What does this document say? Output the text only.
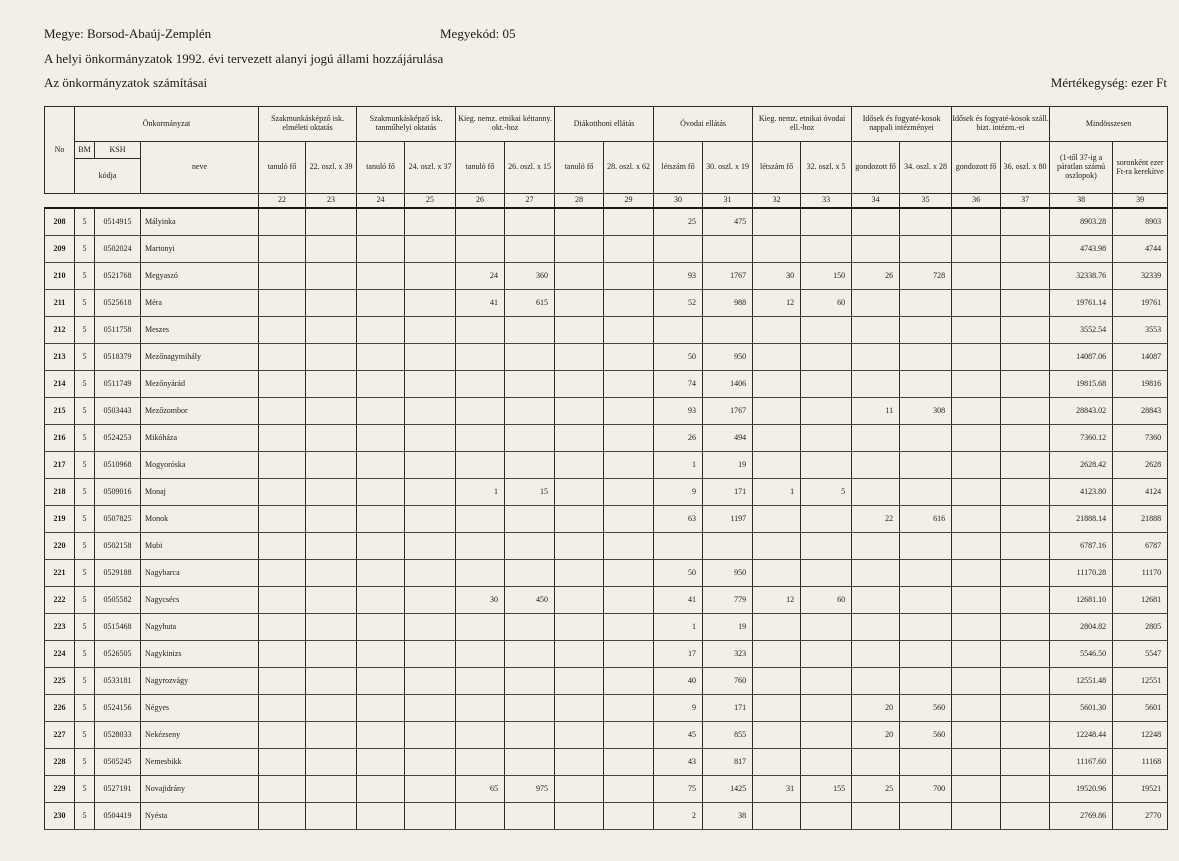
Megye: Borsod-Abaúj-Zemplén	Megyekód: 05
A helyi önkormányzatok 1992. évi tervezett alanyi jogú állami hozzájárulása
Az önkormányzatok számításai	Mértékegység: ezer Ft
No	Önkormányzat			Szakmunkásképző isk. elméleti oktatás		Szakmunkásképző isk. tanműhelyi oktatás		Kieg. nemz. etnikai kéttanny. okt.-hoz		Diákotthoni ellátás		Óvodai ellátás		Kieg. nemz. etnikai óvodai ell.-hoz		Idősek és fogyaté-kosok nappali intézményei		Idősek és fogyaté-kosok száll. bizt. intézm.-ei		Mindösszesen	
	BM	KSH	neve	tanuló fő	22. oszl. x 39	tanuló fő	24. oszl. x 37	tanuló fő	26. oszl. x 15	tanuló fő	28. oszl. x 62	létszám fő	30. oszl. x 19	létszám fő	32. oszl. x 5	gondozott fő	34. oszl. x 28	gondozott fő	36. oszl. x 80	(1-től 37-ig a páratlan számú oszlopok)	soronként ezer Ft-ra kerekítve
	kódja																				
				22	23	24	25	26	27	28	29	30	31	32	33	34	35	36	37	38	39
208	5	0514915	Mályinka									25	475							8903.28	8903
209	5	0502024	Martonyi																	4743.98	4744
210	5	0521768	Megyaszó					24	360			93	1767	30	150	26	728			32338.76	32339
211	5	0525618	Méra					41	615			52	988	12	60					19761.14	19761
212	5	0511758	Meszes																	3552.54	3553
213	5	0518379	Mezőnagymihály									50	950							14087.06	14087
214	5	0511749	Mezőnyárád									74	1406							19815.68	19816
215	5	0503443	Mezőzombor									93	1767			11	308			28843.02	28843
216	5	0524253	Mikóháza									26	494							7360.12	7360
217	5	0510968	Mogyoróska									1	19							2628.42	2628
218	5	0509016	Monaj					1	15			9	171	1	5					4123.80	4124
219	5	0507825	Monok									63	1197			22	616			21888.14	21888
220	5	0502158	Mubi																	6787.16	6787
221	5	0529188	Nagybarca									50	950							11170.28	11170
222	5	0505582	Nagycsécs					30	450			41	779	12	60					12681.10	12681
223	5	0515468	Nagyhuta									1	19							2804.82	2805
224	5	0526505	Nagykinizs									17	323							5546.50	5547
225	5	0533181	Nagyrozvágy									40	760							12551.48	12551
226	5	0524156	Négyes									9	171			20	560			5601.30	5601
227	5	0528033	Nekézseny									45	855			20	560			12248.44	12248
228	5	0505245	Nemesbikk									43	817							11167.60	11168
229	5	0527191	Novajidrány					65	975			75	1425	31	155	25	700			19520.96	19521
230	5	0504419	Nyésta									2	38							2769.86	2770
